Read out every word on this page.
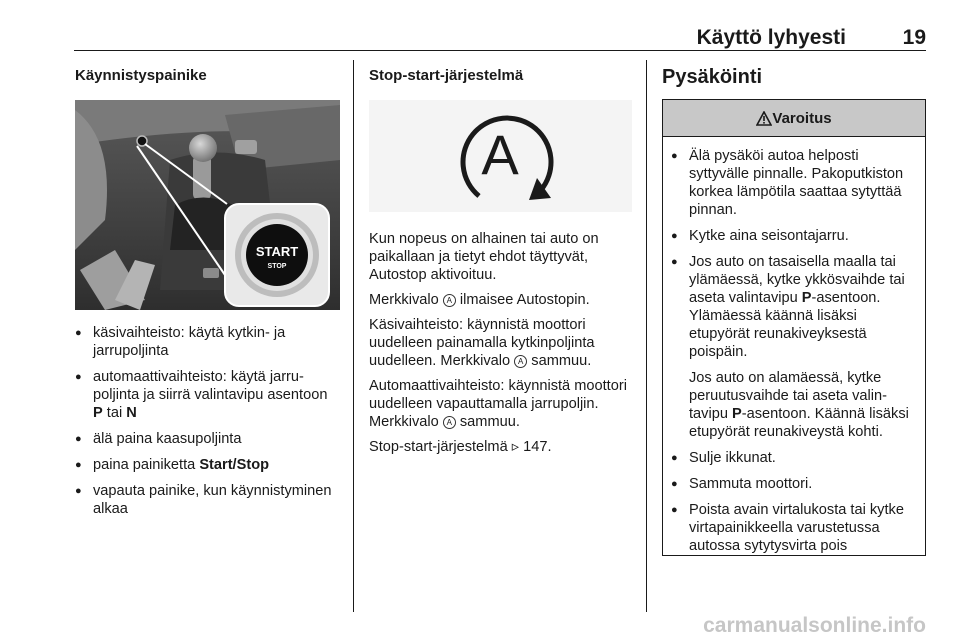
Käyttö lyhyesti	19
Käynnistyspainike
START
STOP
● käsivaihteisto: käytä kytkin- ja jarrupoljinta
● automaattivaihteisto: käytä jarrupoljinta ja siirrä valintavipu asentoon P tai N
● älä paina kaasupoljinta
● paina painiketta Start/Stop
● vapauta painike, kun käynnistyminen alkaa
Stop-start-järjestelmä
A

Kun nopeus on alhainen tai auto on paikallaan ja tietyt ehdot täyttyvät, Autostop aktivoituu.

Merkkivalo A ilmaisee Autostopin.

Käsivaihteisto: käynnistä moottori uudelleen painamalla kytkinpoljinta uudelleen. Merkkivalo A sammuu.

Automaattivaihteisto: käynnistä moottori uudelleen vapauttamalla jarrupoljin. Merkkivalo A sammuu.

Stop-start-järjestelmä ▹ 147.

Pysäköinti
Varoitus
● Älä pysäköi autoa helposti syttyvälle pinnalle. Pakoputkiston korkea lämpötila saattaa sytyttää pinnan.
● Kytke aina seisontajarru.
● Jos auto on tasaisella maalla tai ylämäessä, kytke ykkösvaihde tai aseta valintavipu P-asentoon. Ylämäessä käännä lisäksi etupyörät reunakiveyksestä poispäin.
Jos auto on alamäessä, kytke peruutusvaihde tai aseta valintavipu P-asentoon. Käännä lisäksi etupyörät reunakiveystä kohti.
● Sulje ikkunat.
● Sammuta moottori.
● Poista avain virtalukosta tai kytke virtapainikkeella varustetussa autossa sytytysvirta pois
carmanualsonline.info
